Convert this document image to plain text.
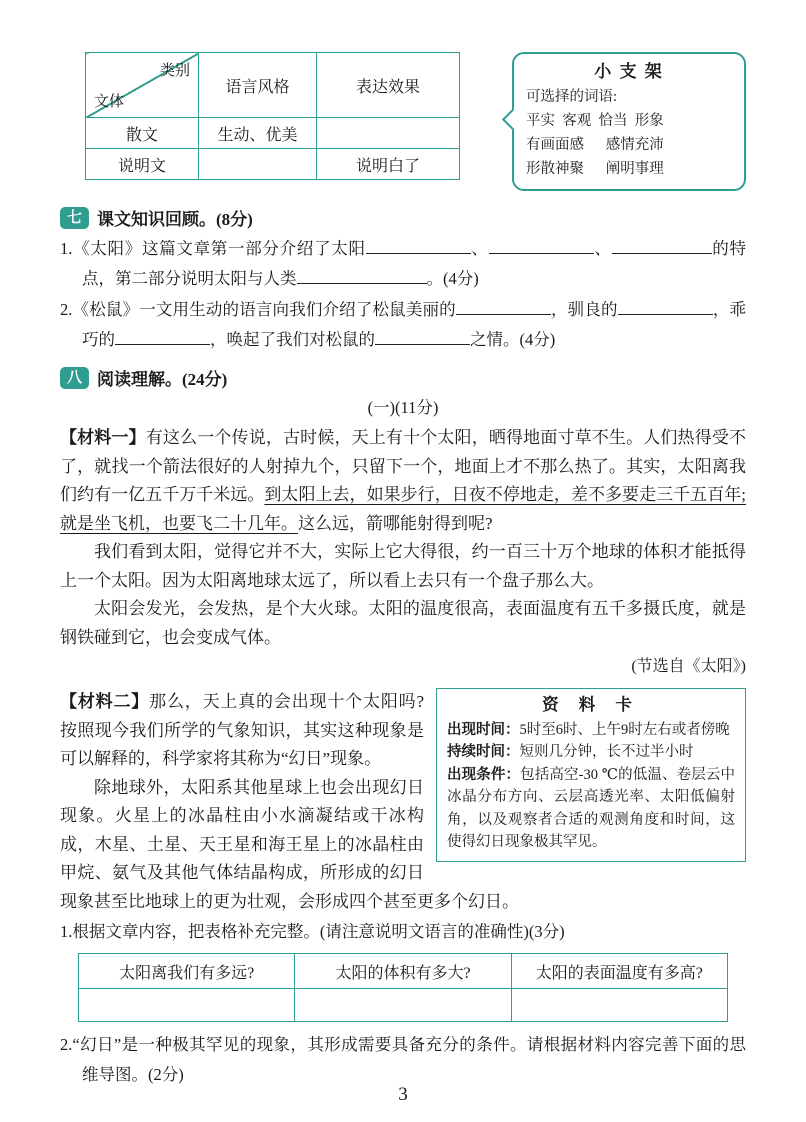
类别
文体	语言风格	表达效果
散文	生动、优美	
说明文		说明白了
小 支 架
可选择的词语:
平实  客观  恰当  形象
有画面感      感情充沛
形散神聚      阐明事理
七 课文知识回顾。(8分)
1.《太阳》这篇文章第一部分介绍了太阳	、	、	的特点，第二部分说明太阳与人类	。(4分)
2.《松鼠》一文用生动的语言向我们介绍了松鼠美丽的	，驯良的	，乖巧的	，唤起了我们对松鼠的	之情。(4分)
八 阅读理解。(24分)
(一)(11分)
【材料一】有这么一个传说，古时候，天上有十个太阳，晒得地面寸草不生。人们热得受不了，就找一个箭法很好的人射掉九个，只留下一个，地面上才不那么热了。其实，太阳离我们约有一亿五千万千米远。到太阳上去，如果步行，日夜不停地走，差不多要走三千五百年;就是坐飞机，也要飞二十几年。这么远，箭哪能射得到呢?
我们看到太阳，觉得它并不大，实际上它大得很，约一百三十万个地球的体积才能抵得上一个太阳。因为太阳离地球太远了，所以看上去只有一个盘子那么大。
太阳会发光，会发热，是个大火球。太阳的温度很高，表面温度有五千多摄氏度，就是钢铁碰到它，也会变成气体。
(节选自《太阳》)
资 料 卡
出现时间：5时至6时、上午9时左右或者傍晚
持续时间：短则几分钟，长不过半小时
出现条件：包括高空-30 ℃的低温、卷层云中冰晶分布方向、云层高透光率、太阳低偏射角，以及观察者合适的观测角度和时间，这使得幻日现象极其罕见。
【材料二】那么，天上真的会出现十个太阳吗? 按照现今我们所学的气象知识，其实这种现象是可以解释的，科学家将其称为“幻日”现象。
除地球外，太阳系其他星球上也会出现幻日现象。火星上的冰晶柱由小水滴凝结或干冰构成，木星、土星、天王星和海王星上的冰晶柱由甲烷、氨气及其他气体结晶构成，所形成的幻日现象甚至比地球上的更为壮观，会形成四个甚至更多个幻日。
1.根据文章内容，把表格补充完整。(请注意说明文语言的准确性)(3分)
太阳离我们有多远?	太阳的体积有多大?	太阳的表面温度有多高?

2.“幻日”是一种极其罕见的现象，其形成需要具备充分的条件。请根据材料内容完善下面的思维导图。(2分)
3
